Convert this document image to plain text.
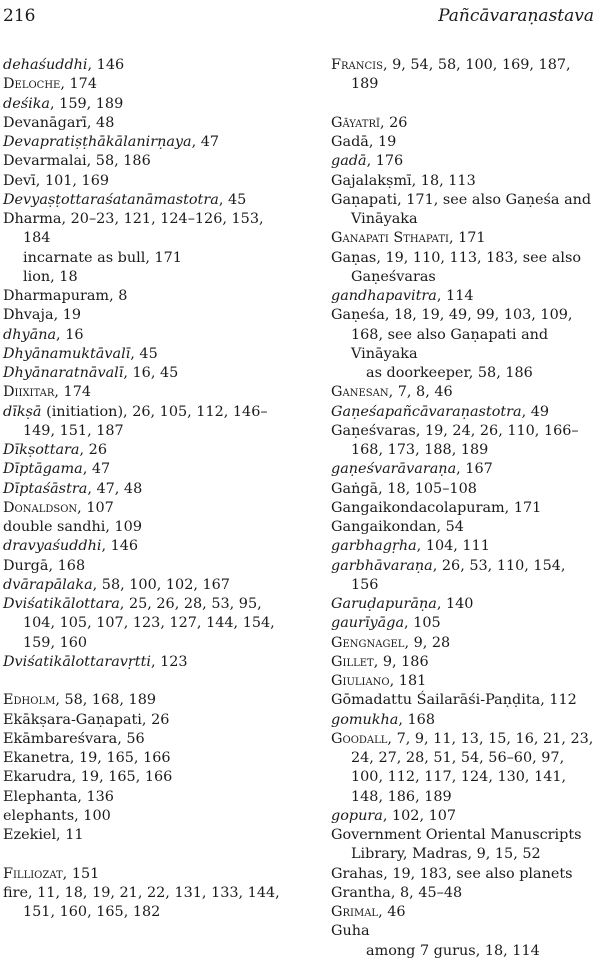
216	Pañcāvaraṇastava
dehaśuddhi, 146
Deloche, 174
deśika, 159, 189
Devanāgarī, 48
Devapratiṣṭhākālanirṇaya, 47
Devarmalai, 58, 186
Devī, 101, 169
Devyaṣṭottaraśatanāmastotra, 45
Dharma, 20–23, 121, 124–126, 153, 184
incarnate as bull, 171
lion, 18
Dharmapuram, 8
Dhvaja, 19
dhyāna, 16
Dhyānamuktāvalī, 45
Dhyānaratnāvalī, 16, 45
Diixitar, 174
dīkṣā (initiation), 26, 105, 112, 146–149, 151, 187
Dīkṣottara, 26
Dīptāgama, 47
Dīptaśāstra, 47, 48
Donaldson, 107
double sandhi, 109
dravyaśuddhi, 146
Durgā, 168
dvārapālaka, 58, 100, 102, 167
Dviśatikālottara, 25, 26, 28, 53, 95, 104, 105, 107, 123, 127, 144, 154, 159, 160
Dviśatikālottaravṛtti, 123
Edholm, 58, 168, 189
Ekākṣara-Gaṇapati, 26
Ekāmbareśvara, 56
Ekanetra, 19, 165, 166
Ekarudra, 19, 165, 166
Elephanta, 136
elephants, 100
Ezekiel, 11
Filliozat, 151
fire, 11, 18, 19, 21, 22, 131, 133, 144, 151, 160, 165, 182
Francis, 9, 54, 58, 100, 169, 187, 189
Gāyatrī, 26
Gadā, 19
gadā, 176
Gajalakṣmī, 18, 113
Gaṇapati, 171, see also Gaṇeśa and Vināyaka
Ganapati Sthapati, 171
Gaṇas, 19, 110, 113, 183, see also Gaṇeśvaras
gandhapavitra, 114
Gaṇeśa, 18, 19, 49, 99, 103, 109, 168, see also Gaṇapati and Vināyaka
as doorkeeper, 58, 186
Ganesan, 7, 8, 46
Gaṇeśapañcāvaraṇastotra, 49
Gaṇeśvaras, 19, 24, 26, 110, 166–168, 173, 188, 189
gaṇeśvarāvaraṇa, 167
Gaṅgā, 18, 105–108
Gangaikondacolapuram, 171
Gangaikondan, 54
garbhagṛha, 104, 111
garbhāvaraṇa, 26, 53, 110, 154, 156
Garuḍapurāṇa, 140
gaurīyāga, 105
Gengnagel, 9, 28
Gillet, 9, 186
Giuliano, 181
Gōmadattu Śailarāśi-Paṇḍita, 112
gomukha, 168
Goodall, 7, 9, 11, 13, 15, 16, 21, 23, 24, 27, 28, 51, 54, 56–60, 97, 100, 112, 117, 124, 130, 141, 148, 186, 189
gopura, 102, 107
Government Oriental Manuscripts Library, Madras, 9, 15, 52
Grahas, 19, 183, see also planets
Grantha, 8, 45–48
Grimal, 46
Guha
among 7 gurus, 18, 114
